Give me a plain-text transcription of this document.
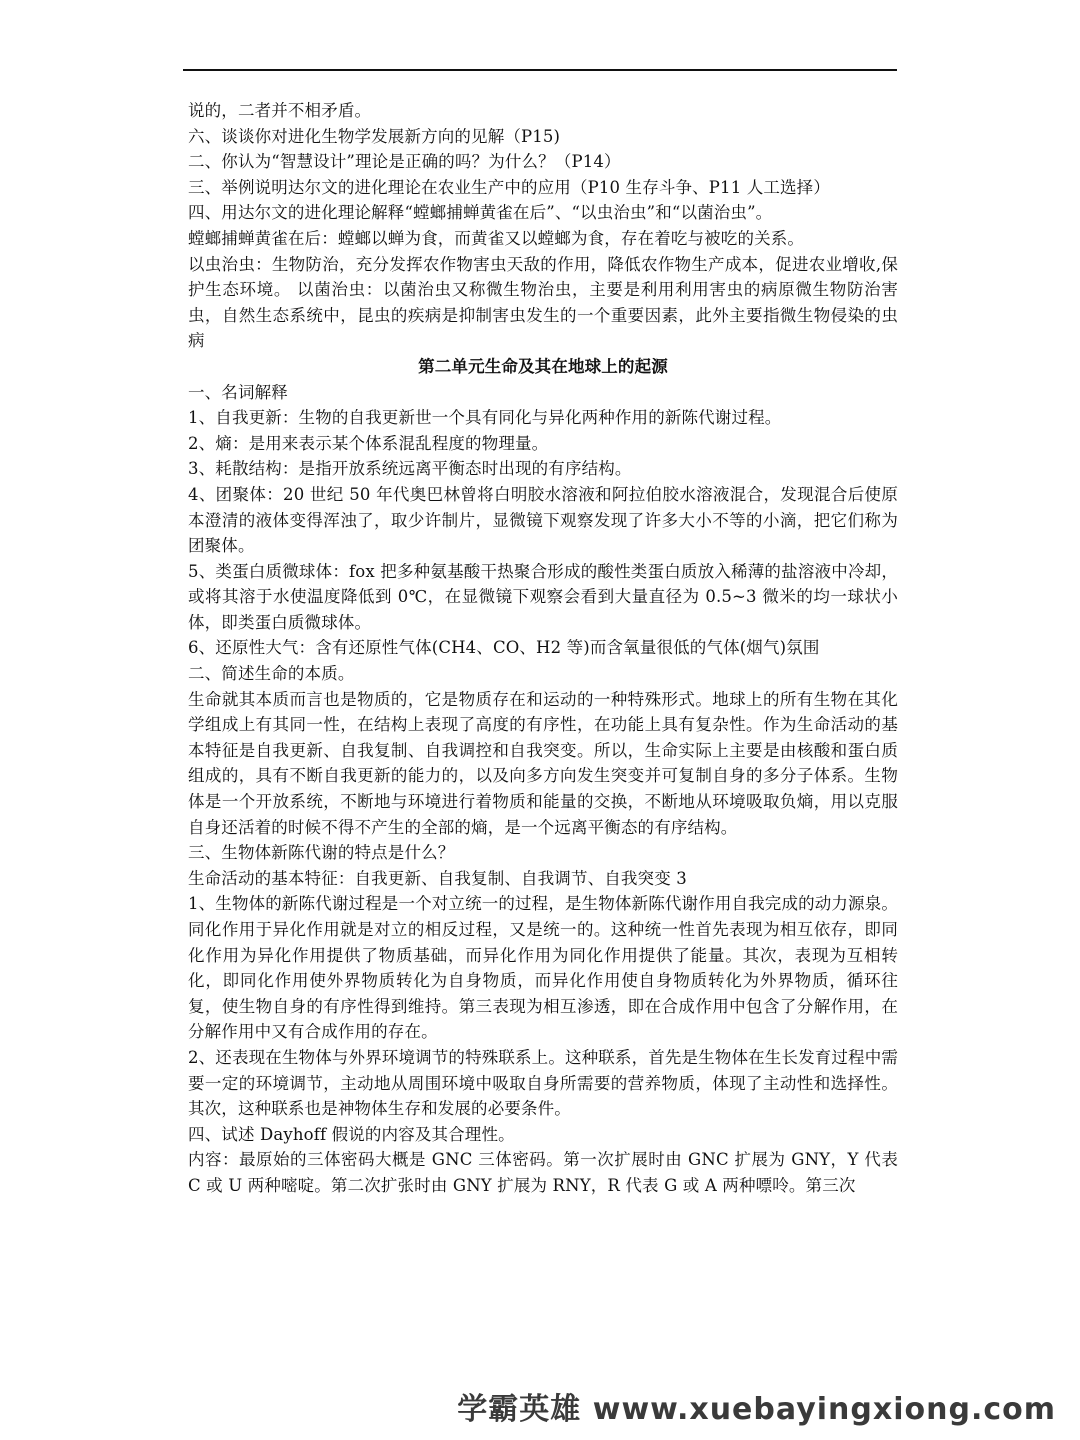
说的，二者并不相矛盾。

六、谈谈你对进化生物学发展新方向的见解（P15)

二、你认为“智慧设计”理论是正确的吗？为什么？（P14）

三、举例说明达尔文的进化理论在农业生产中的应用（P10 生存斗争、P11 人工选择）

四、用达尔文的进化理论解释“螳螂捕蝉黄雀在后”、“以虫治虫”和“以菌治虫”。

螳螂捕蝉黄雀在后：螳螂以蝉为食，而黄雀又以螳螂为食，存在着吃与被吃的关系。

以虫治虫：生物防治，充分发挥农作物害虫天敌的作用，降低农作物生产成本，促进农业增收,保护生态环境。 以菌治虫：以菌治虫又称微生物治虫，主要是利用利用害虫的病原微生物防治害虫，自然生态系统中，昆虫的疾病是抑制害虫发生的一个重要因素，此外主要指微生物侵染的虫病

第二单元生命及其在地球上的起源

一、名词解释

1、自我更新：生物的自我更新世一个具有同化与异化两种作用的新陈代谢过程。

2、熵：是用来表示某个体系混乱程度的物理量。

3、耗散结构：是指开放系统远离平衡态时出现的有序结构。

4、团聚体：20 世纪 50 年代奥巴林曾将白明胶水溶液和阿拉伯胶水溶液混合，发现混合后使原本澄清的液体变得浑浊了，取少许制片，显微镜下观察发现了许多大小不等的小滴，把它们称为团聚体。

5、类蛋白质微球体：fox 把多种氨基酸干热聚合形成的酸性类蛋白质放入稀薄的盐溶液中冷却，或将其溶于水使温度降低到 0℃，在显微镜下观察会看到大量直径为 0.5~3 微米的均一球状小体，即类蛋白质微球体。

6、还原性大气：含有还原性气体(CH4、CO、H2 等)而含氧量很低的气体(烟气)氛围

二、简述生命的本质。

生命就其本质而言也是物质的，它是物质存在和运动的一种特殊形式。地球上的所有生物在其化学组成上有其同一性，在结构上表现了高度的有序性，在功能上具有复杂性。作为生命活动的基本特征是自我更新、自我复制、自我调控和自我突变。所以，生命实际上主要是由核酸和蛋白质组成的，具有不断自我更新的能力的，以及向多方向发生突变并可复制自身的多分子体系。生物体是一个开放系统，不断地与环境进行着物质和能量的交换，不断地从环境吸取负熵，用以克服自身还活着的时候不得不产生的全部的熵，是一个远离平衡态的有序结构。

三、生物体新陈代谢的特点是什么？

生命活动的基本特征：自我更新、自我复制、自我调节、自我突变 3

1、生物体的新陈代谢过程是一个对立统一的过程，是生物体新陈代谢作用自我完成的动力源泉。同化作用于异化作用就是对立的相反过程，又是统一的。这种统一性首先表现为相互依存，即同化作用为异化作用提供了物质基础，而异化作用为同化作用提供了能量。其次，表现为互相转化，即同化作用使外界物质转化为自身物质，而异化作用使自身物质转化为外界物质，循环往复，使生物自身的有序性得到维持。第三表现为相互渗透，即在合成作用中包含了分解作用，在分解作用中又有合成作用的存在。

2、还表现在生物体与外界环境调节的特殊联系上。这种联系，首先是生物体在生长发育过程中需要一定的环境调节，主动地从周围环境中吸取自身所需要的营养物质，体现了主动性和选择性。其次，这种联系也是神物体生存和发展的必要条件。

四、试述 Dayhoff 假说的内容及其合理性。

内容：最原始的三体密码大概是 GNC 三体密码。第一次扩展时由 GNC 扩展为 GNY，Y 代表 C 或 U 两种嘧啶。第二次扩张时由 GNY 扩展为 RNY，R 代表 G 或 A 两种嘌呤。第三次

学霸英雄 www.xuebayingxiong.com
